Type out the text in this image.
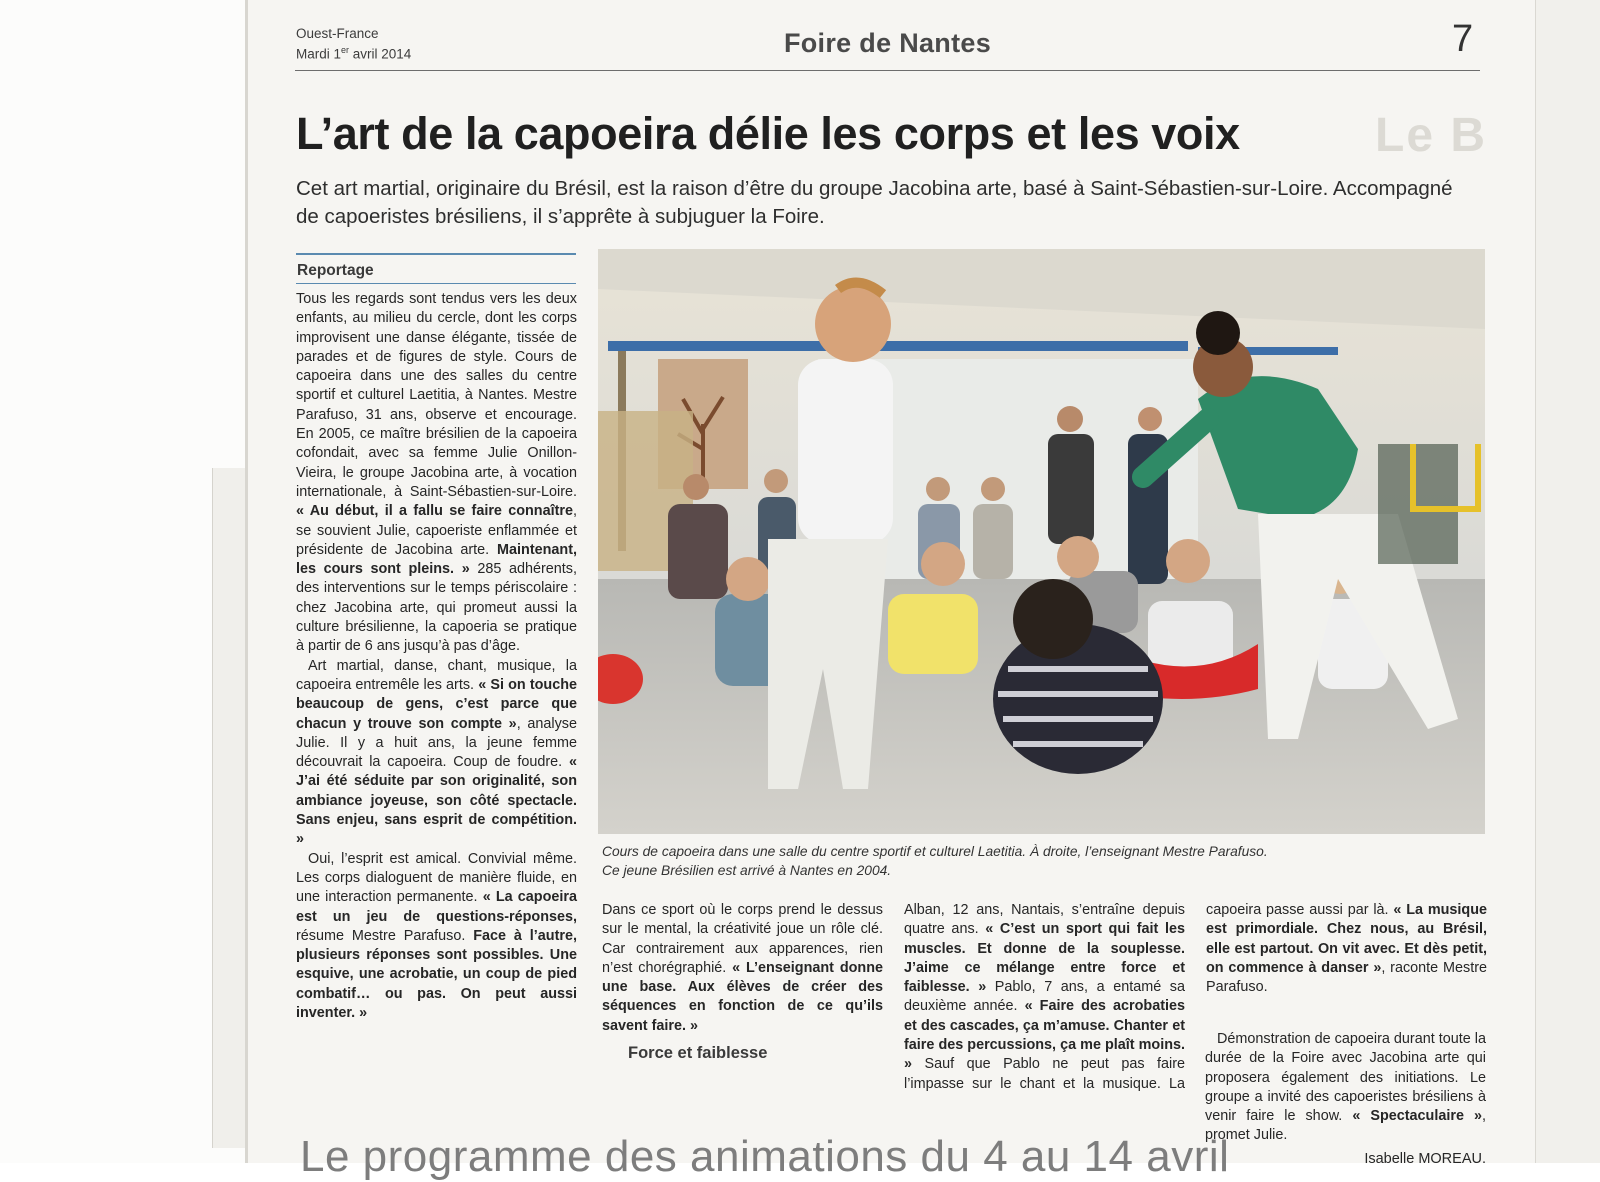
Le B
Ouest-France
Mardi 1er avril 2014	Foire de Nantes	7
L’art de la capoeira délie les corps et les voix
Cet art martial, originaire du Brésil, est la raison d’être du groupe Jacobina arte, basé à Saint-Sébastien-sur-Loire. Accompagné de capoeristes brésiliens, il s’apprête à subjuguer la Foire.
Reportage

Tous les regards sont tendus vers les deux enfants, au milieu du cercle, dont les corps improvisent une danse élégante, tissée de parades et de figures de style. Cours de capoeira dans une des salles du centre sportif et culturel Laetitia, à Nantes. Mestre Parafuso, 31 ans, observe et encourage. En 2005, ce maître brésilien de la capoeira cofondait, avec sa femme Julie Onillon-Vieira, le groupe Jacobina arte, à vocation internationale, à Saint-Sébastien-sur-Loire. « Au début, il a fallu se faire connaître, se souvient Julie, capoeriste enflammée et présidente de Jacobina arte. Maintenant, les cours sont pleins. » 285 adhérents, des interventions sur le temps périscolaire : chez Jacobina arte, qui promeut aussi la culture brésilienne, la capoeria se pratique à partir de 6 ans jusqu’à pas d’âge.

Art martial, danse, chant, musique, la capoeira entremêle les arts. « Si on touche beaucoup de gens, c’est parce que chacun y trouve son compte », analyse Julie. Il y a huit ans, la jeune femme découvrait la capoeira. Coup de foudre. « J’ai été séduite par son originalité, son ambiance joyeuse, son côté spectacle. Sans enjeu, sans esprit de compétition. »

Oui, l’esprit est amical. Convivial même. Les corps dialoguent de manière fluide, en une interaction permanente. « La capoeira est un jeu de questions-réponses, résume Mestre Parafuso. Face à l’autre, plusieurs réponses sont possibles. Une esquive, une acrobatie, un coup de pied combatif… ou pas. On peut aussi inventer. »

Cours de capoeira dans une salle du centre sportif et culturel Laetitia. À droite, l’enseignant Mestre Parafuso.
Ce jeune Brésilien est arrivé à Nantes en 2004.

Dans ce sport où le corps prend le dessus sur le mental, la créativité joue un rôle clé. Car contrairement aux apparences, rien n’est chorégraphié. « L’enseignant donne une base. Aux élèves de créer des séquences en fonction de ce qu’ils savent faire. »

Force et faiblesse

Alban, 12 ans, Nantais, s’entraîne depuis quatre ans. « C’est un sport qui fait les muscles. Et donne de la souplesse. J’aime ce mélange entre force et faiblesse. » Pablo, 7 ans, a entamé sa deuxième année. « Faire des acrobaties et des cascades, ça m’amuse. Chanter et faire des percussions, ça me plaît moins. » Sauf que Pablo ne peut pas faire l’impasse sur le chant et la musique. La capoeira passe aussi par là. « La musique est primordiale. Chez nous, au Brésil, elle est partout. On vit avec. Et dès petit, on commence à danser », raconte Mestre Parafuso.

Démonstration de capoeira durant toute la durée de la Foire avec Jacobina arte qui proposera également des initiations. Le groupe a invité des capoeristes brésiliens à venir faire le show. « Spectaculaire », promet Julie.

Isabelle MOREAU.
Le programme des animations du 4 au 14 avril
